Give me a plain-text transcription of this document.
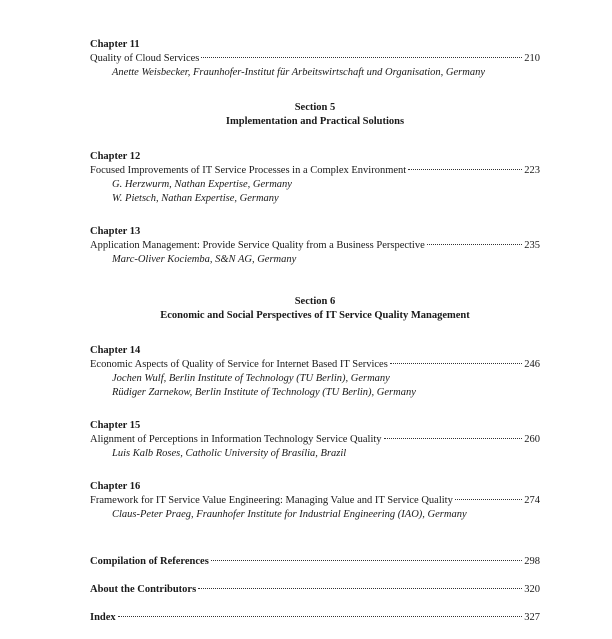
Chapter 11
Quality of Cloud Services	210
Anette Weisbecker, Fraunhofer-Institut für Arbeitswirtschaft und Organisation, Germany
Section 5
Implementation and Practical Solutions
Chapter 12
Focused Improvements of IT Service Processes in a Complex Environment	223
G. Herzwurm, Nathan Expertise, Germany
W. Pietsch, Nathan Expertise, Germany
Chapter 13
Application Management: Provide Service Quality from a Business Perspective	235
Marc-Oliver Kociemba, S&N AG, Germany
Section 6
Economic and Social Perspectives of IT Service Quality Management
Chapter 14
Economic Aspects of Quality of Service for Internet Based IT Services	246
Jochen Wulf, Berlin Institute of Technology (TU Berlin), Germany
Rüdiger Zarnekow, Berlin Institute of Technology (TU Berlin), Germany
Chapter 15
Alignment of Perceptions in Information Technology Service Quality	260
Luis Kalb Roses, Catholic University of Brasília, Brazil
Chapter 16
Framework for IT Service Value Engineering: Managing Value and IT Service Quality	274
Claus-Peter Praeg, Fraunhofer Institute for Industrial Engineering (IAO), Germany
Compilation of References	298
About the Contributors	320
Index	327
